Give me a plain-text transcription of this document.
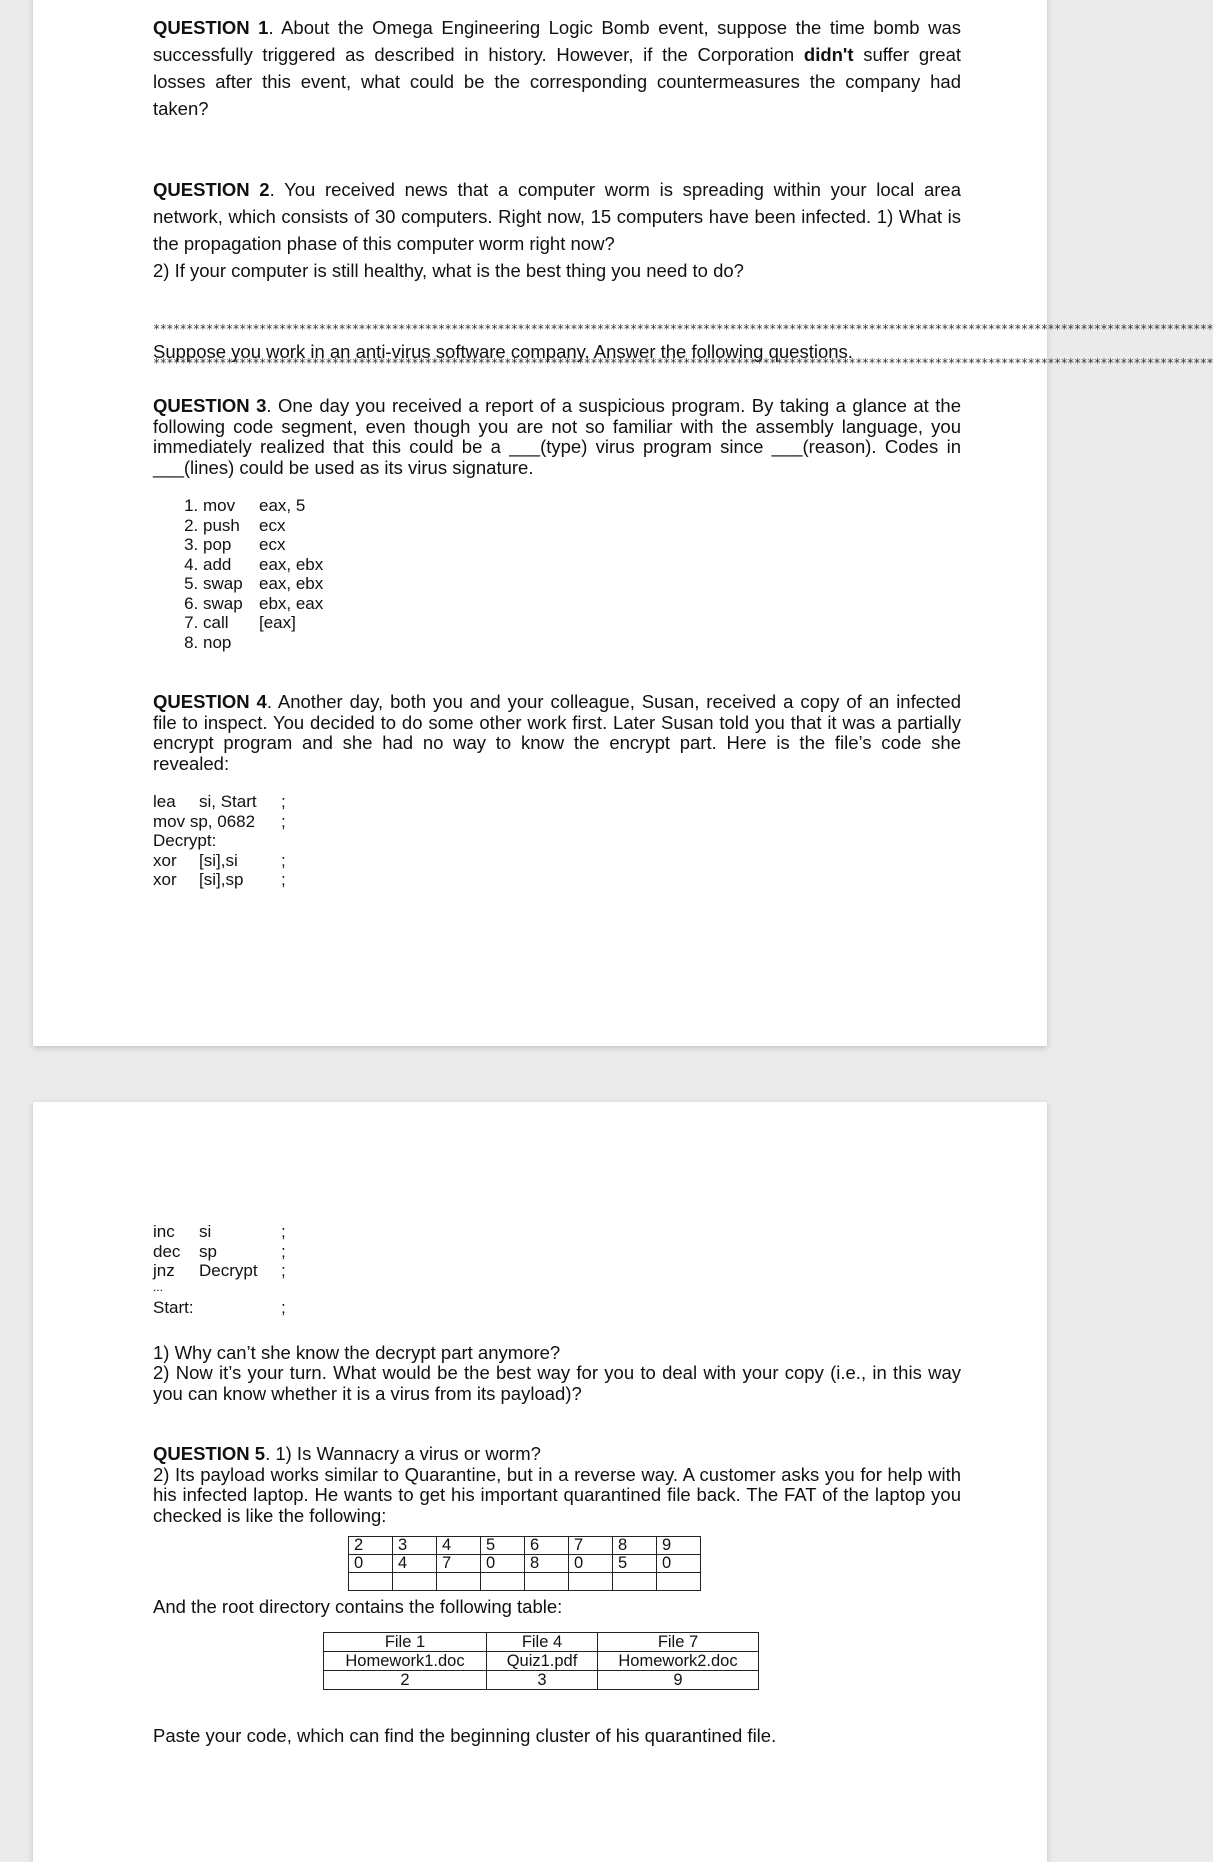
QUESTION 1. About the Omega Engineering Logic Bomb event, suppose the time bomb was successfully triggered as described in history. However, if the Corporation didn't suffer great losses after this event, what could be the corresponding countermeasures the company had taken?

QUESTION 2. You received news that a computer worm is spreading within your local area network, which consists of 30 computers. Right now, 15 computers have been infected. 1) What is the propagation phase of this computer worm right now?

2) If your computer is still healthy, what is the best thing you need to do?

****************************************************************************************************************************************************************

Suppose you work in an anti-virus software company. Answer the following questions.

****************************************************************************************************************************************************************

QUESTION 3. One day you received a report of a suspicious program. By taking a glance at the following code segment, even though you are not so familiar with the assembly language, you immediately realized that this could be a ___(type) virus program since ___(reason). Codes in ___(lines) could be used as its virus signature.

1. mov eax, 5
2. push ecx
3. pop ecx
4. add eax, ebx
5. swap eax, ebx
6. swap ebx, eax
7. call [eax]
8. nop

QUESTION 4. Another day, both you and your colleague, Susan, received a copy of an infected file to inspect. You decided to do some other work first. Later Susan told you that it was a partially encrypt program and she had no way to know the encrypt part. Here is the file’s code she revealed:

lea si, Start ;
mov sp, 0682 ;
Decrypt:
xor [si],si	;
xor [si],sp ;
inc si	;
dec sp	;
jnz Decrypt ;
...
Start:	;

1) Why can’t she know the decrypt part anymore?

2) Now it’s your turn. What would be the best way for you to deal with your copy (i.e., in this way you can know whether it is a virus from its payload)?

QUESTION 5. 1) Is Wannacry a virus or worm?

2) Its payload works similar to Quarantine, but in a reverse way. A customer asks you for help with his infected laptop. He wants to get his important quarantined file back. The FAT of the laptop you checked is like the following:

2	3	4	5	6	7	8	9
0	4	7	0	8	0	5	0

And the root directory contains the following table:

File 1	File 4	File 7
Homework1.doc	Quiz1.pdf	Homework2.doc
2	3	9

Paste your code, which can find the beginning cluster of his quarantined file.
